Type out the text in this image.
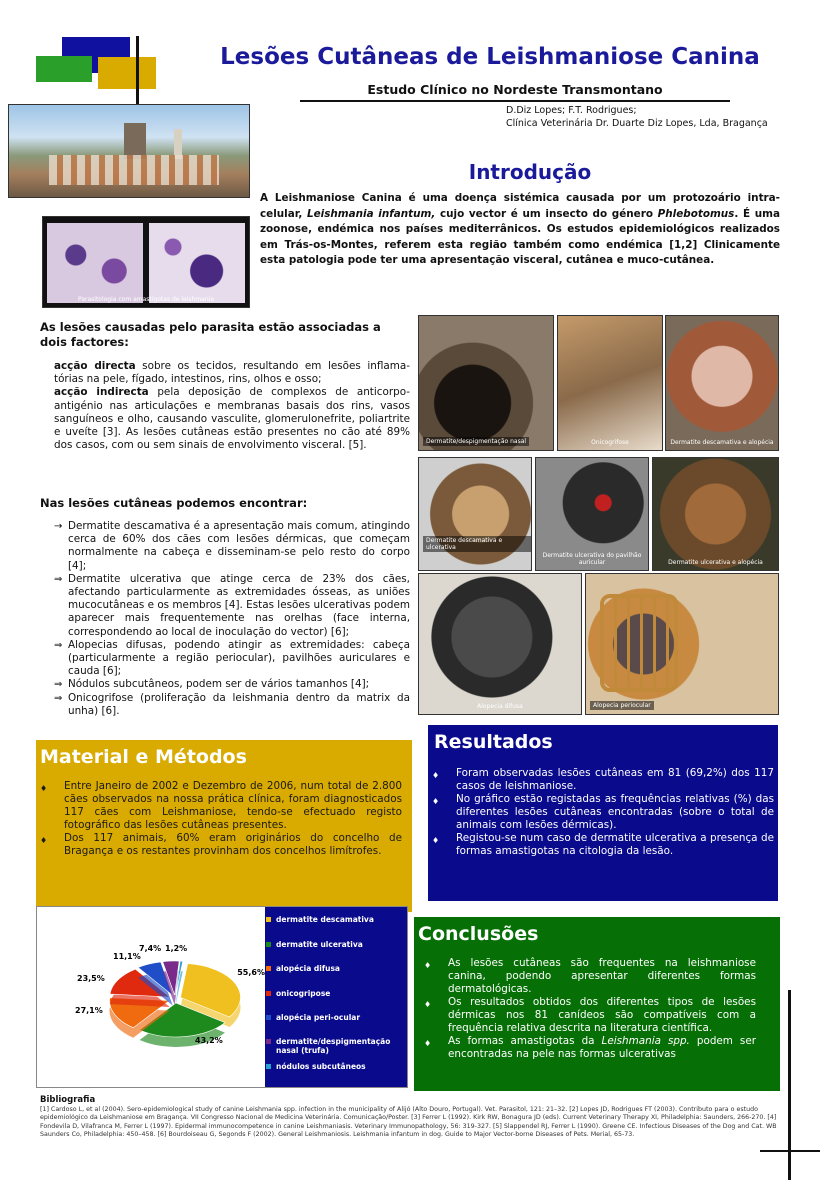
Lesões Cutâneas de Leishmaniose Canina
Estudo Clínico no Nordeste Transmontano
D.Diz Lopes; F.T. Rodrigues;
Clínica Veterinária Dr. Duarte Diz Lopes, Lda, Bragança
Parasitologia com amastigotas de leishmania
Introdução
A Leishmaniose Canina é uma doença sistémica causada por um protozoário intra-celular, Leishmania infantum, cujo vector é um insecto do género Phlebotomus. É uma zoonose, endémica nos países mediterrânicos. Os estudos epidemiológicos realizados em Trás-os-Montes, referem esta região também como endémica [1,2] Clinicamente esta patologia pode ter uma apresentação visceral, cutânea e muco-cutânea.
As lesões causadas pelo parasita estão associadas a dois factores:
acção directa sobre os tecidos, resultando em lesões inflama-tórias na pele, fígado, intestinos, rins, olhos e osso;
acção indirecta pela deposição de complexos de anticorpo-antigénio nas articulações e membranas basais dos rins, vasos sanguíneos e olho, causando vasculite, glomerulonefrite, poliartrite e uveíte [3]. As lesões cutâneas estão presentes no cão até 89% dos casos, com ou sem sinais de envolvimento visceral. [5].
Nas lesões cutâneas podemos encontrar:
→ Dermatite descamativa é a apresentação mais comum, atingindo cerca de 60% dos cães com lesões dérmicas, que começam normalmente na cabeça e disseminam-se pelo resto do corpo [4];
⇒ Dermatite ulcerativa que atinge cerca de 23% dos cães, afectando particularmente as extremidades ósseas, as uniões mucocutâneas e os membros [4]. Estas lesões ulcerativas podem aparecer mais frequentemente nas orelhas (face interna, correspondendo ao local de inoculação do vector) [6];
⇒ Alopecias difusas, podendo atingir as extremidades: cabeça (particularmente a região periocular), pavilhões auriculares e cauda [6];
⇒ Nódulos subcutâneos, podem ser de vários tamanhos [4];
⇒ Onicogrifose (proliferação da leishmania dentro da matrix da unha) [6].
Dermatite/despigmentação nasal	Onicogrifose	Dermatite descamativa e alopécia
Dermatite descamativa e ulcerativa
Dermatite ulcerativa do pavilhão auricular	Dermatite ulcerativa e alopécia
Alopecia difusa	Alopecia periocular
Material e Métodos
♦ Entre Janeiro de 2002 e Dezembro de 2006, num total de 2.800 cães observados na nossa prática clínica, foram diagnosticados 117 cães com Leishmaniose, tendo-se efectuado registo fotográfico das lesões cutâneas presentes.
♦ Dos 117 animais, 60% eram originários do concelho de Bragança e os restantes provinham dos concelhos limítrofes.
Resultados
♦ Foram observadas lesões cutâneas em 81 (69,2%) dos 117 casos de leishmaniose.
♦ No gráfico estão registadas as frequências relativas (%) das diferentes lesões cutâneas encontradas (sobre o total de animais com lesões dérmicas).
♦ Registou-se num caso de dermatite ulcerativa a presença de formas amastigotas na citologia da lesão.
55,6%
43,2%
27,1%
23,5%
11,1%
7,4% 1,2%
dermatite descamativa
dermatite ulcerativa
alopécia difusa
onicogripose
alopécia peri-ocular
dermatite/despigmentação nasal (trufa)
nódulos subcutâneos
Conclusões
♦ As lesões cutâneas são frequentes na leishmaniose canina, podendo apresentar diferentes formas dermatológicas.
♦ Os resultados obtidos dos diferentes tipos de lesões dérmicas nos 81 canídeos são compatíveis com a frequência relativa descrita na literatura científica.
♦ As formas amastigotas da Leishmania spp. podem ser encontradas na pele nas formas ulcerativas
Bibliografia
[1] Cardoso L, et al (2004). Sero-epidemiological study of canine Leishmania spp. infection in the municipality of Alijó (Alto Douro, Portugal). Vet. Parasitol, 121: 21–32. [2] Lopes JD, Rodrigues FT (2003). Contributo para o estudo epidemiológico da Leishmaniose em Bragança. VII Congresso Nacional de Medicina Veterinária. Comunicação/Poster. [3] Ferrer L (1992). Kirk RW, Bonagura JD (eds). Current Veterinary Therapy XI, Philadelphia: Saunders, 266-270. [4] Fondevila D, Vilafranca M, Ferrer L (1997). Epidermal immunocompetence in canine Leishmaniasis. Veterinary Immunopathology, 56: 319-327. [5] Slappendel RJ, Ferrer L (1990). Greene CE. Infectious Diseases of the Dog and Cat. WB Saunders Co, Philadelphia: 450–458. [6] Bourdoiseau G, Segonds F (2002). General Leishmaniosis. Leishmania infantum in dog. Guide to Major Vector-borne Diseases of Pets. Merial, 65-73.
